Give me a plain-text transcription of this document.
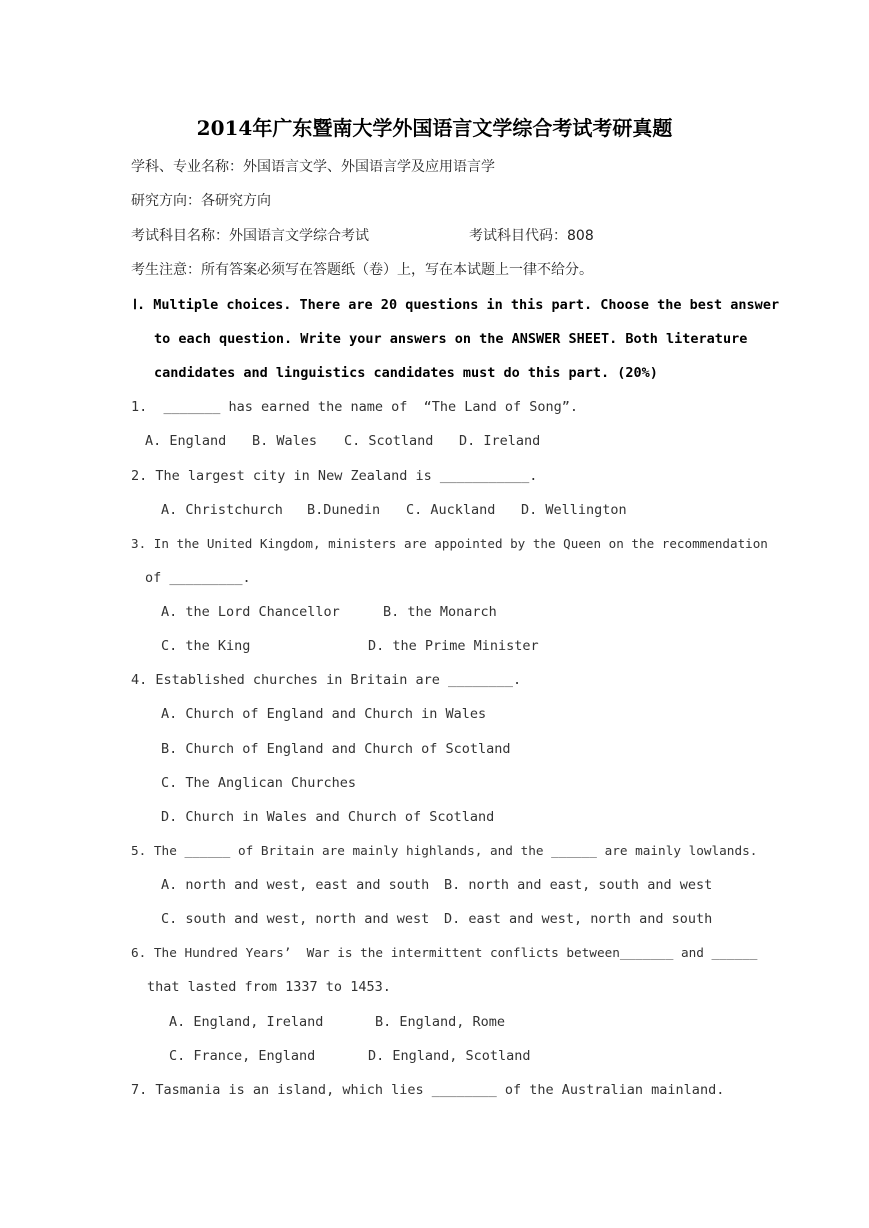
2014年广东暨南大学外国语言文学综合考试考研真题
学科、专业名称：外国语言文学、外国语言学及应用语言学
研究方向：各研究方向
考试科目名称：外国语言文学综合考试	考试科目代码：808
考生注意：所有答案必须写在答题纸（卷）上，写在本试题上一律不给分。
Ⅰ. Multiple choices. There are 20 questions in this part. Choose the best answer
to each question. Write your answers on the ANSWER SHEET. Both literature
candidates and linguistics candidates must do this part. (20%)
1.  _______ has earned the name of  “The Land of Song”.
A. England B. Wales C. Scotland D. Ireland
2. The largest city in New Zealand is ___________.
A. Christchurch B.Dunedin C. Auckland D. Wellington
3. In the United Kingdom, ministers are appointed by the Queen on the recommendation
of _________.
A. the Lord Chancellor	B. the Monarch
C. the King	D. the Prime Minister
4. Established churches in Britain are ________.
A. Church of England and Church in Wales
B. Church of England and Church of Scotland
C. The Anglican Churches
D. Church in Wales and Church of Scotland
5. The ______ of Britain are mainly highlands, and the ______ are mainly lowlands.
A. north and west, east and south B. north and east, south and west
C. south and west, north and west D. east and west, north and south
6. The Hundred Years’  War is the intermittent conflicts between_______ and ______
that lasted from 1337 to 1453.
A. England, Ireland	B. England, Rome
C. France, England	D. England, Scotland
7. Tasmania is an island, which lies ________ of the Australian mainland.
